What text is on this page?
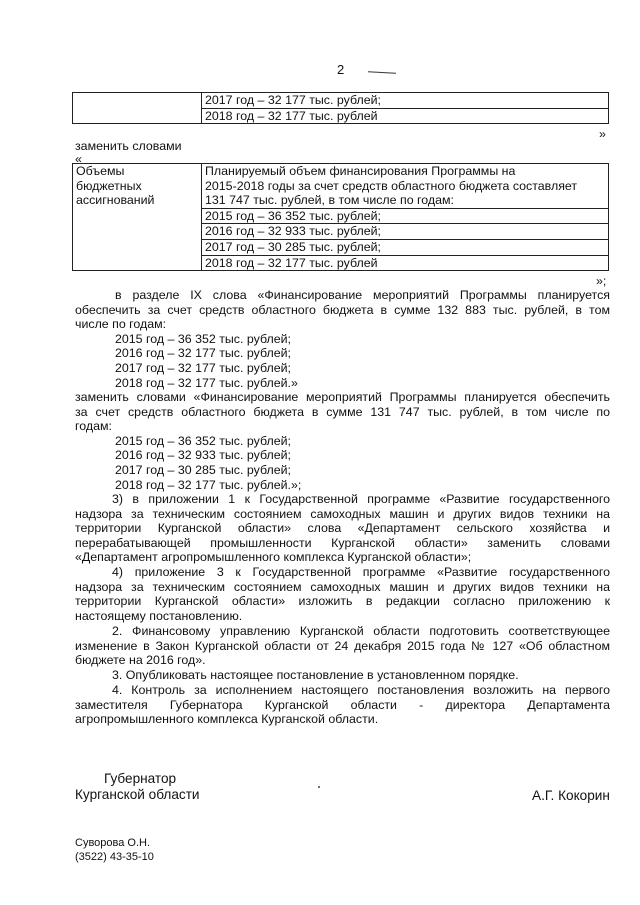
2

2017 год – 32 177 тыс. рублей;
2018 год – 32 177 тыс. рублей
»
заменить словами
«
Объемы
бюджетных
ассигнований

Планируемый объем финансирования Программы на
2015-2018 годы за счет средств областного бюджета составляет
131 747 тыс. рублей, в том числе по годам:
2015 год – 36 352 тыс. рублей;
2016 год – 32 933 тыс. рублей;
2017 год – 30 285 тыс. рублей;
2018 год – 32 177 тыс. рублей
»;
в разделе IX слова «Финансирование мероприятий Программы планируется
обеспечить за счет средств областного бюджета в сумме 132 883 тыс. рублей, в том
числе по годам:
2015 год – 36 352 тыс. рублей;
2016 год – 32 177 тыс. рублей;
2017 год – 32 177 тыс. рублей;
2018 год – 32 177 тыс. рублей.»
заменить словами «Финансирование мероприятий Программы планируется обеспечить
за счет средств областного бюджета в сумме 131 747 тыс. рублей, в том числе по
годам:
2015 год – 36 352 тыс. рублей;
2016 год – 32 933 тыс. рублей;
2017 год – 30 285 тыс. рублей;
2018 год – 32 177 тыс. рублей.»;
3) в приложении 1 к Государственной программе «Развитие государственного
надзора за техническим состоянием самоходных машин и других видов техники на
территории Курганской области» слова «Департамент сельского хозяйства и
перерабатывающей промышленности Курганской области» заменить словами
«Департамент агропромышленного комплекса Курганской области»;
4) приложение 3 к Государственной программе «Развитие государственного
надзора за техническим состоянием самоходных машин и других видов техники на
территории Курганской области» изложить в редакции согласно приложению к
настоящему постановлению.
2. Финансовому управлению Курганской области подготовить соответствующее
изменение в Закон Курганской области от 24 декабря 2015 года № 127 «Об областном
бюджете на 2016 год».
3. Опубликовать настоящее постановление в установленном порядке.
4. Контроль за исполнением настоящего постановления возложить на первого
заместителя Губернатора Курганской области - директора Департамента
агропромышленного комплекса Курганской области.
Губернатор
Курганской области	А.Г. Кокорин
Суворова О.Н.
(3522) 43-35-10
